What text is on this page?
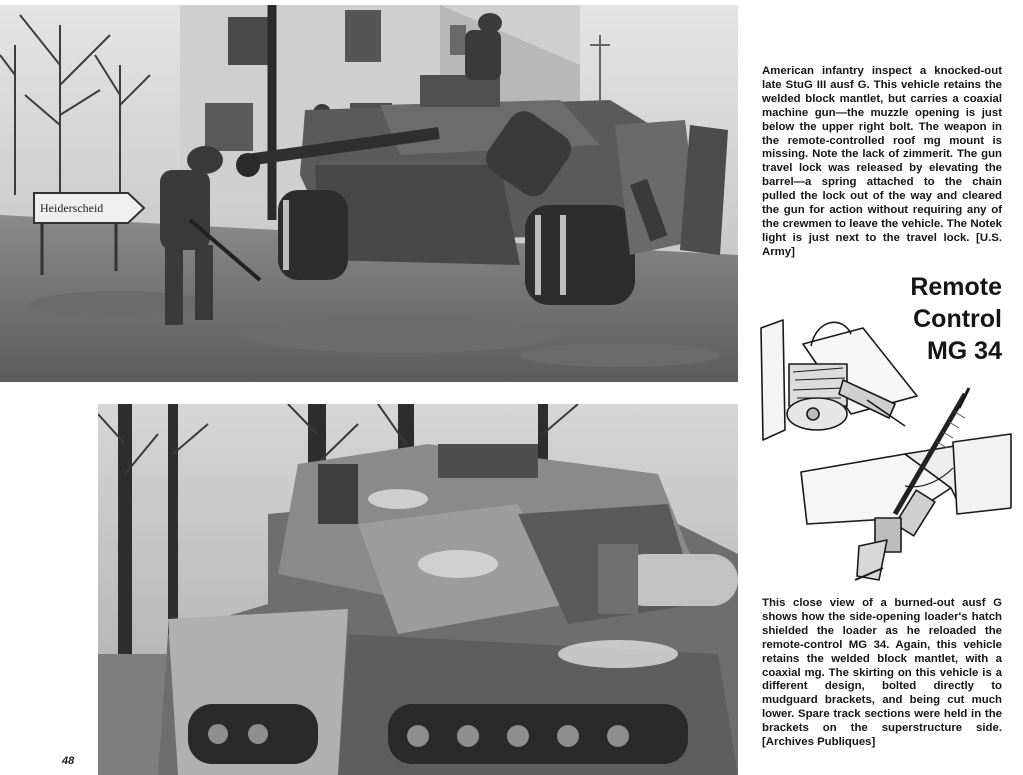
Heiderscheid

American infantry inspect a knocked-out late StuG III ausf G. This vehicle retains the welded block mantlet, but carries a coaxial machine gun—the muzzle opening is just below the upper right bolt. The weapon in the remote-controlled roof mg mount is missing. Note the lack of zimmerit. The gun travel lock was released by elevating the barrel—a spring attached to the chain pulled the lock out of the way and cleared the gun for action without requiring any of the crewmen to leave the vehicle. The Notek light is just next to the travel lock. [U.S. Army]

Remote
Control
MG 34

This close view of a burned-out ausf G shows how the side-opening loader's hatch shielded the loader as he reloaded the remote-control MG 34. Again, this vehicle retains the welded block mantlet, with a coaxial mg. The skirting on this vehicle is a different design, bolted directly to mudguard brackets, and being cut much lower. Spare track sections were held in the brackets on the superstructure side. [Archives Publiques]

48
